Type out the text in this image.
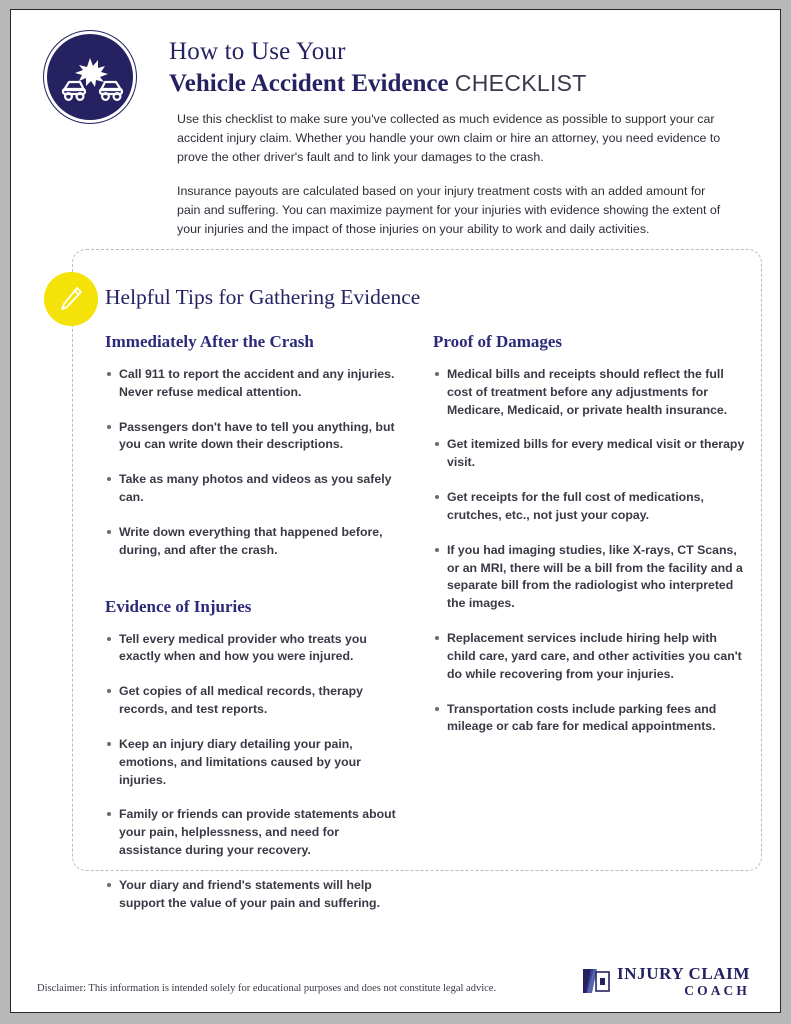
How to Use Your
Vehicle Accident Evidence CHECKLIST

Use this checklist to make sure you've collected as much evidence as possible to support your car accident injury claim. Whether you handle your own claim or hire an attorney, you need evidence to prove the other driver's fault and to link your damages to the crash.

Insurance payouts are calculated based on your injury treatment costs with an added amount for pain and suffering. You can maximize payment for your injuries with evidence showing the extent of your injuries and the impact of those injuries on your ability to work and daily activities.

Helpful Tips for Gathering Evidence
Immediately After the Crash
Call 911 to report the accident and any injuries. Never refuse medical attention.
Passengers don't have to tell you anything, but you can write down their descriptions.
Take as many photos and videos as you safely can.
Write down everything that happened before, during, and after the crash.
Evidence of Injuries
Tell every medical provider who treats you exactly when and how you were injured.
Get copies of all medical records, therapy records, and test reports.
Keep an injury diary detailing your pain, emotions, and limitations caused by your injuries.
Family or friends can provide statements about your pain, helplessness, and need for assistance during your recovery.
Your diary and friend's statements will help support the value of your pain and suffering.
Proof of Damages
Medical bills and receipts should reflect the full cost of treatment before any adjustments for Medicare, Medicaid, or private health insurance.
Get itemized bills for every medical visit or therapy visit.
Get receipts for the full cost of medications, crutches, etc., not just your copay.
If you had imaging studies, like X-rays, CT Scans, or an MRI, there will be a bill from the facility and a separate bill from the radiologist who interpreted the images.
Replacement services include hiring help with child care, yard care, and other activities you can't do while recovering from your injuries.
Transportation costs include parking fees and mileage or cab fare for medical appointments.
Disclaimer: This information is intended solely for educational purposes and does not constitute legal advice.
INJURY CLAIM
COACH
